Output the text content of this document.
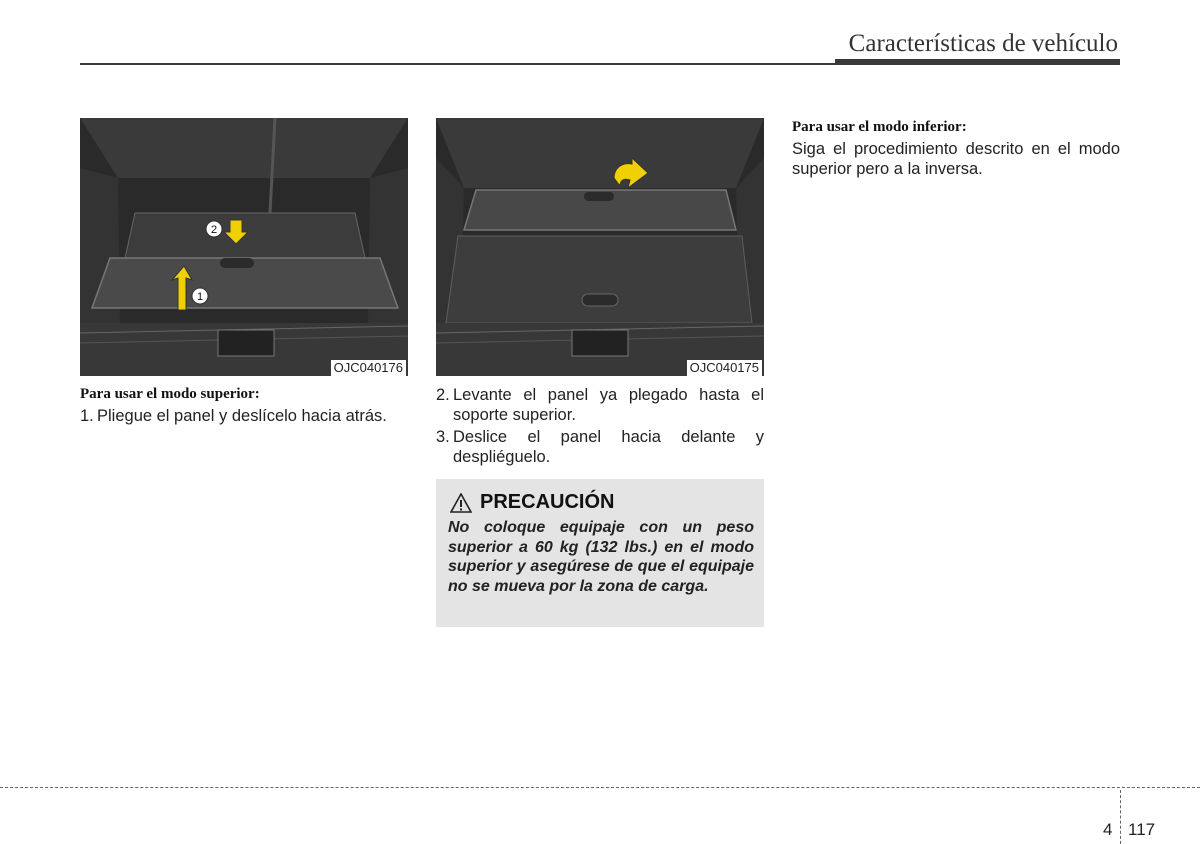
Características de vehículo
1
2
OJC040176	OJC040175
Para usar el modo superior:
1. Pliegue el panel y deslícelo hacia atrás.
2. Levante el panel ya plegado hasta el soporte superior.
3. Deslice el panel hacia delante y despliéguelo.
PRECAUCIÓN
No coloque equipaje con un peso superior a 60 kg (132 lbs.) en el modo superior y asegúrese de que el equipaje no se mueva por la zona de carga.
Para usar el modo inferior:
Siga el procedimiento descrito en el modo superior pero a la inversa.
4 117
